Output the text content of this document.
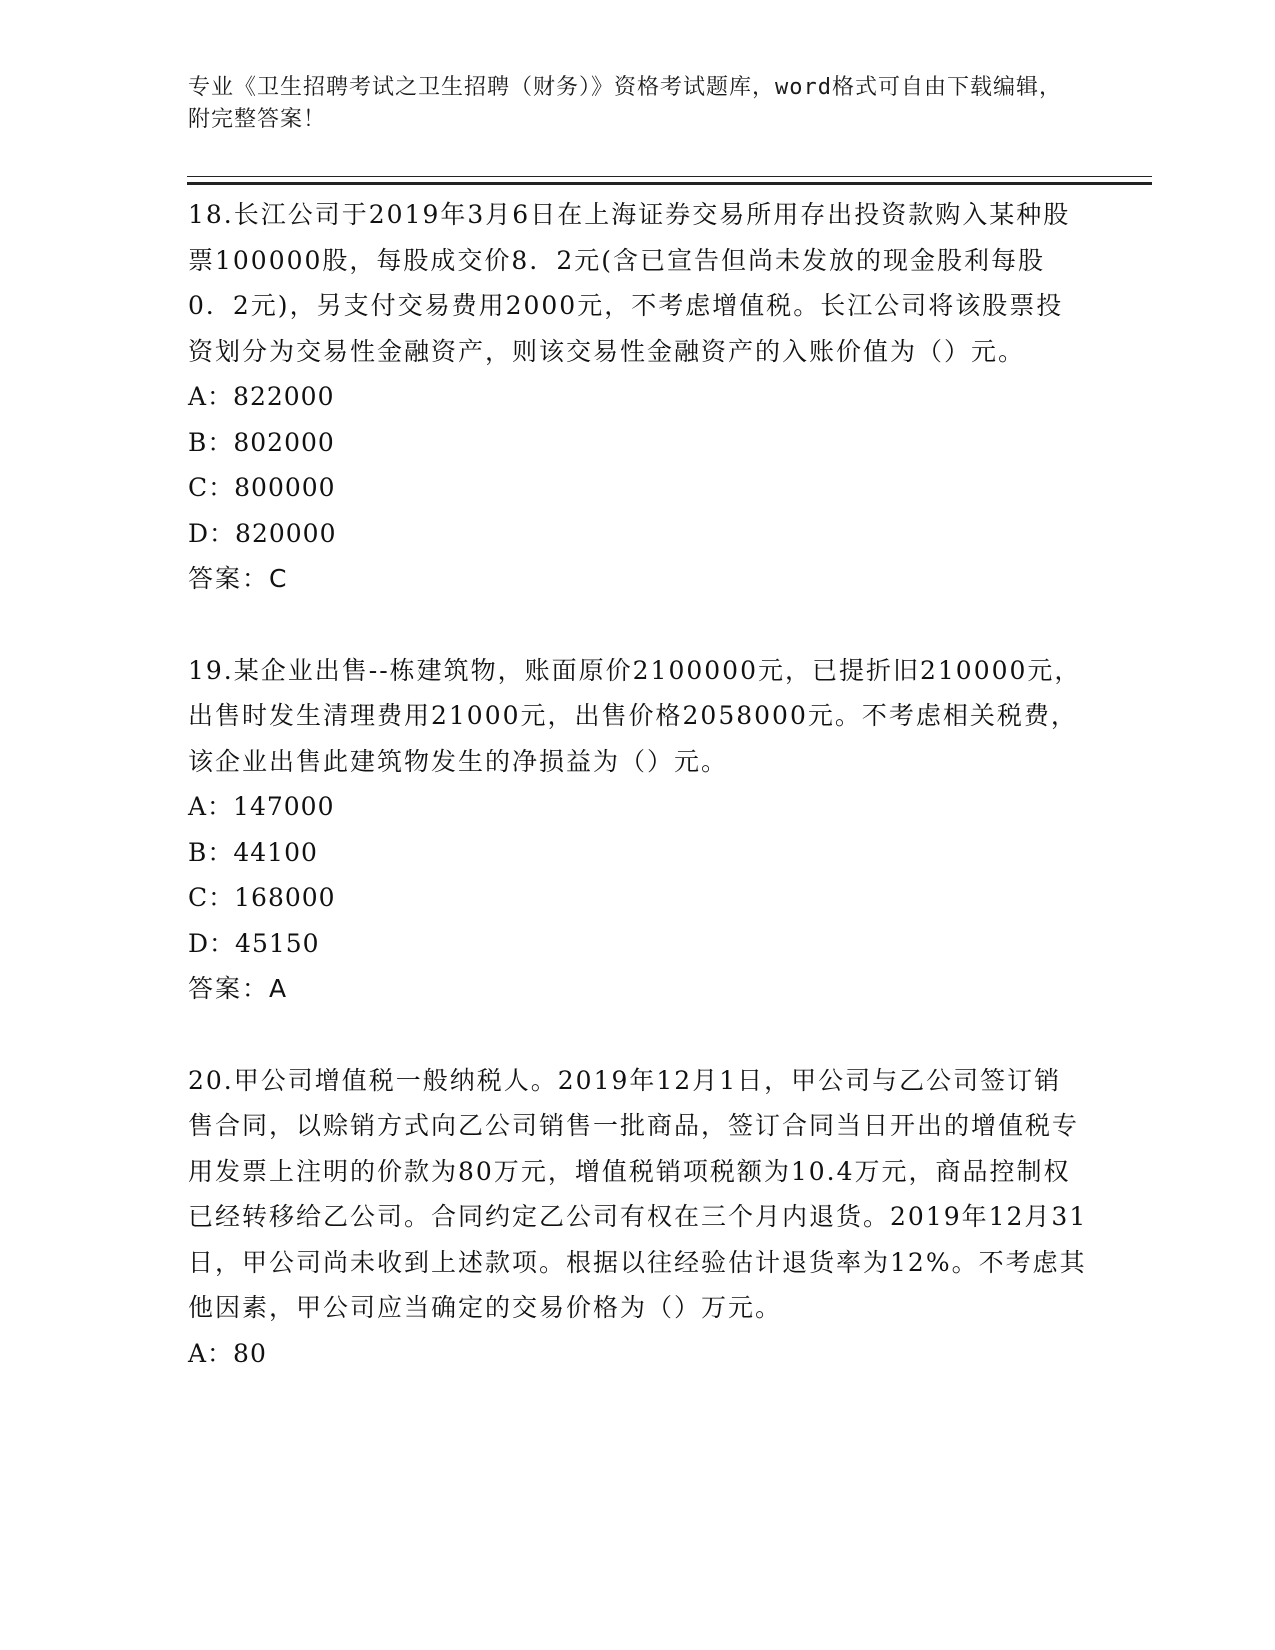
专业《卫生招聘考试之卫生招聘（财务）》资格考试题库，word格式可自由下载编辑，附完整答案！

18.长江公司于2019年3月6日在上海证券交易所用存出投资款购入某种股票100000股，每股成交价8．2元(含已宣告但尚未发放的现金股利每股0．2元)，另支付交易费用2000元，不考虑增值税。长江公司将该股票投资划分为交易性金融资产，则该交易性金融资产的入账价值为（）元。

A：822000

B：802000

C：800000

D：820000

答案：C

19.某企业出售--栋建筑物，账面原价2100000元，已提折旧210000元，出售时发生清理费用21000元，出售价格2058000元。不考虑相关税费，该企业出售此建筑物发生的净损益为（）元。

A：147000

B：44100

C：168000

D：45150

答案：A

20.甲公司增值税一般纳税人。2019年12月1日，甲公司与乙公司签订销售合同，以赊销方式向乙公司销售一批商品，签订合同当日开出的增值税专用发票上注明的价款为80万元，增值税销项税额为10.4万元，商品控制权已经转移给乙公司。合同约定乙公司有权在三个月内退货。2019年12月31日，甲公司尚未收到上述款项。根据以往经验估计退货率为12%。不考虑其他因素，甲公司应当确定的交易价格为（）万元。

A：80
